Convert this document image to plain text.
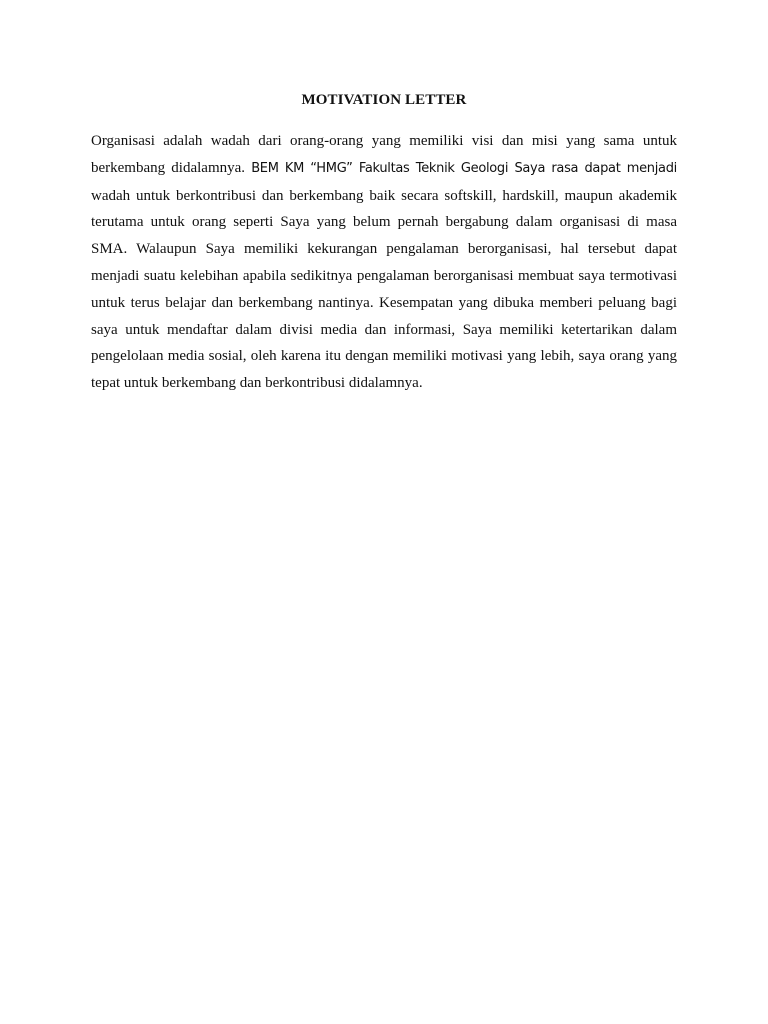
MOTIVATION LETTER
Organisasi adalah wadah dari orang-orang yang memiliki visi dan misi yang sama untuk
berkembang didalamnya. BEM KM “HMG” Fakultas Teknik Geologi Saya rasa dapat menjadi
wadah untuk berkontribusi dan berkembang baik secara softskill, hardskill, maupun akademik
terutama untuk orang seperti Saya yang belum pernah bergabung dalam organisasi di masa
SMA. Walaupun Saya memiliki kekurangan pengalaman berorganisasi, hal tersebut dapat
menjadi suatu kelebihan apabila sedikitnya pengalaman berorganisasi membuat saya termotivasi
untuk terus belajar dan berkembang nantinya. Kesempatan yang dibuka memberi peluang bagi
saya untuk mendaftar dalam divisi media dan informasi, Saya memiliki ketertarikan dalam
pengelolaan media sosial, oleh karena itu dengan memiliki motivasi yang lebih, saya orang yang
tepat untuk berkembang dan berkontribusi didalamnya.
